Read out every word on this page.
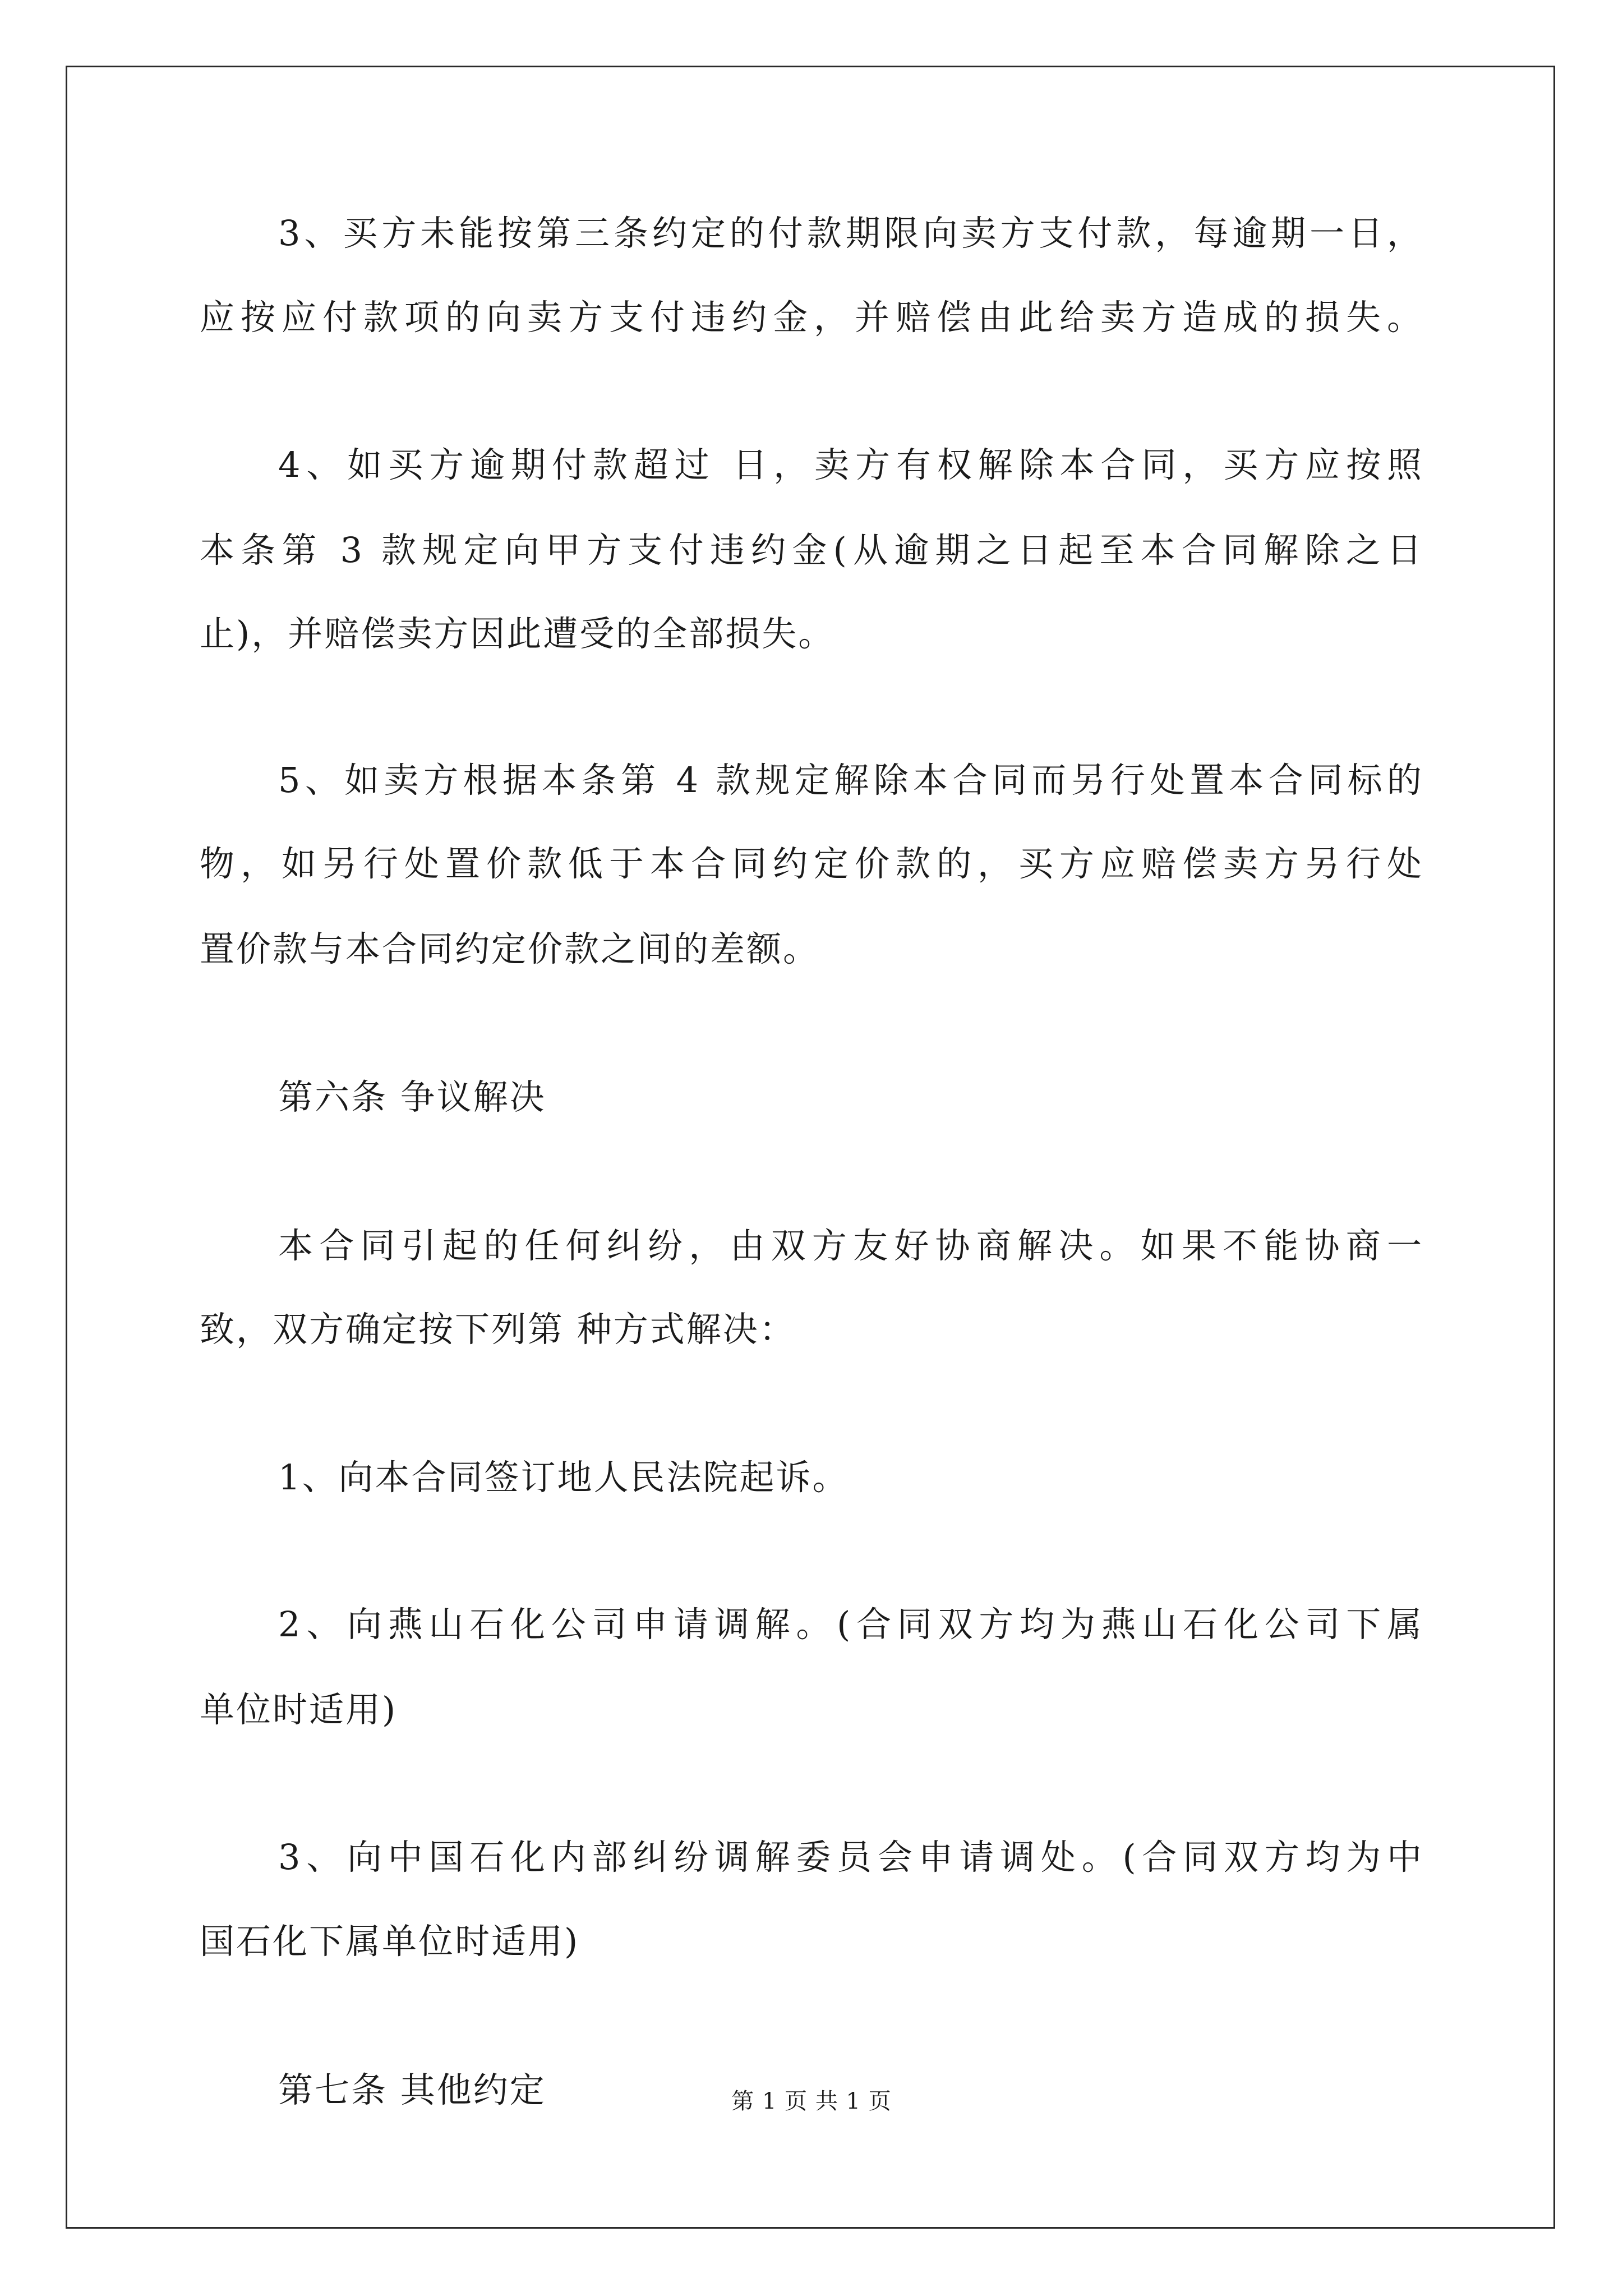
3、买方未能按第三条约定的付款期限向卖方支付款，每逾期一日，
应按应付款项的向卖方支付违约金，并赔偿由此给卖方造成的损失。
4、如买方逾期付款超过 日，卖方有权解除本合同，买方应按照
本条第 3 款规定向甲方支付违约金(从逾期之日起至本合同解除之日
止)，并赔偿卖方因此遭受的全部损失。
5、如卖方根据本条第 4 款规定解除本合同而另行处置本合同标的
物，如另行处置价款低于本合同约定价款的，买方应赔偿卖方另行处
置价款与本合同约定价款之间的差额。
第六条 争议解决
本合同引起的任何纠纷，由双方友好协商解决。如果不能协商一
致，双方确定按下列第 种方式解决：
1、向本合同签订地人民法院起诉。
2、向燕山石化公司申请调解。(合同双方均为燕山石化公司下属
单位时适用)
3、向中国石化内部纠纷调解委员会申请调处。(合同双方均为中
国石化下属单位时适用)
第七条 其他约定	第 1 页 共 1 页
